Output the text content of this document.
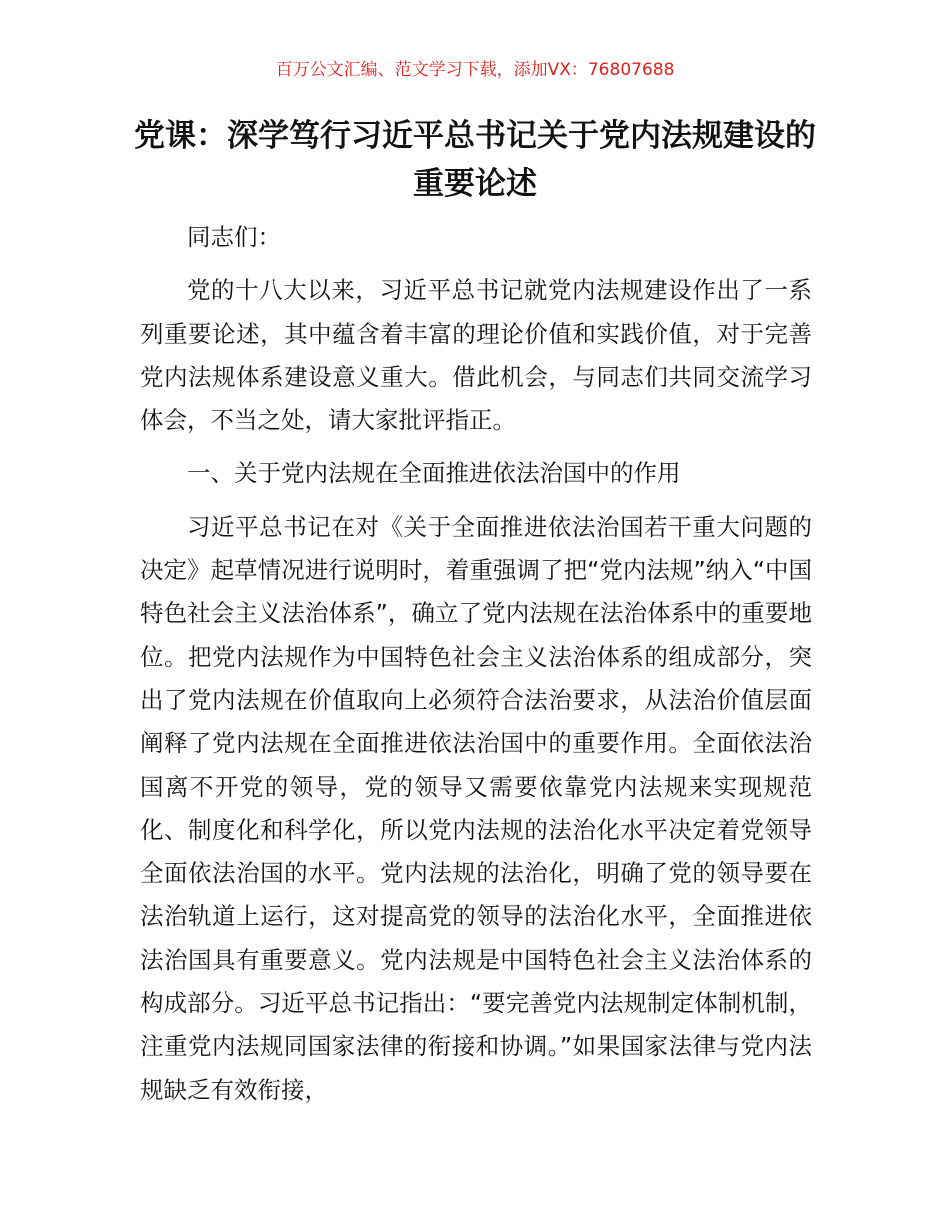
百万公文汇编、范文学习下载，添加VX：76807688
党课：深学笃行习近平总书记关于党内法规建设的重要论述

同志们：

党的十八大以来，习近平总书记就党内法规建设作出了一系列重要论述，其中蕴含着丰富的理论价值和实践价值，对于完善党内法规体系建设意义重大。借此机会，与同志们共同交流学习体会，不当之处，请大家批评指正。

一、关于党内法规在全面推进依法治国中的作用

习近平总书记在对《关于全面推进依法治国若干重大问题的决定》起草情况进行说明时，着重强调了把“党内法规”纳入“中国特色社会主义法治体系”，确立了党内法规在法治体系中的重要地位。把党内法规作为中国特色社会主义法治体系的组成部分，突出了党内法规在价值取向上必须符合法治要求，从法治价值层面阐释了党内法规在全面推进依法治国中的重要作用。全面依法治国离不开党的领导，党的领导又需要依靠党内法规来实现规范化、制度化和科学化，所以党内法规的法治化水平决定着党领导全面依法治国的水平。党内法规的法治化，明确了党的领导要在法治轨道上运行，这对提高党的领导的法治化水平，全面推进依法治国具有重要意义。党内法规是中国特色社会主义法治体系的构成部分。习近平总书记指出：“要完善党内法规制定体制机制，注重党内法规同国家法律的衔接和协调。”如果国家法律与党内法规缺乏有效衔接，
